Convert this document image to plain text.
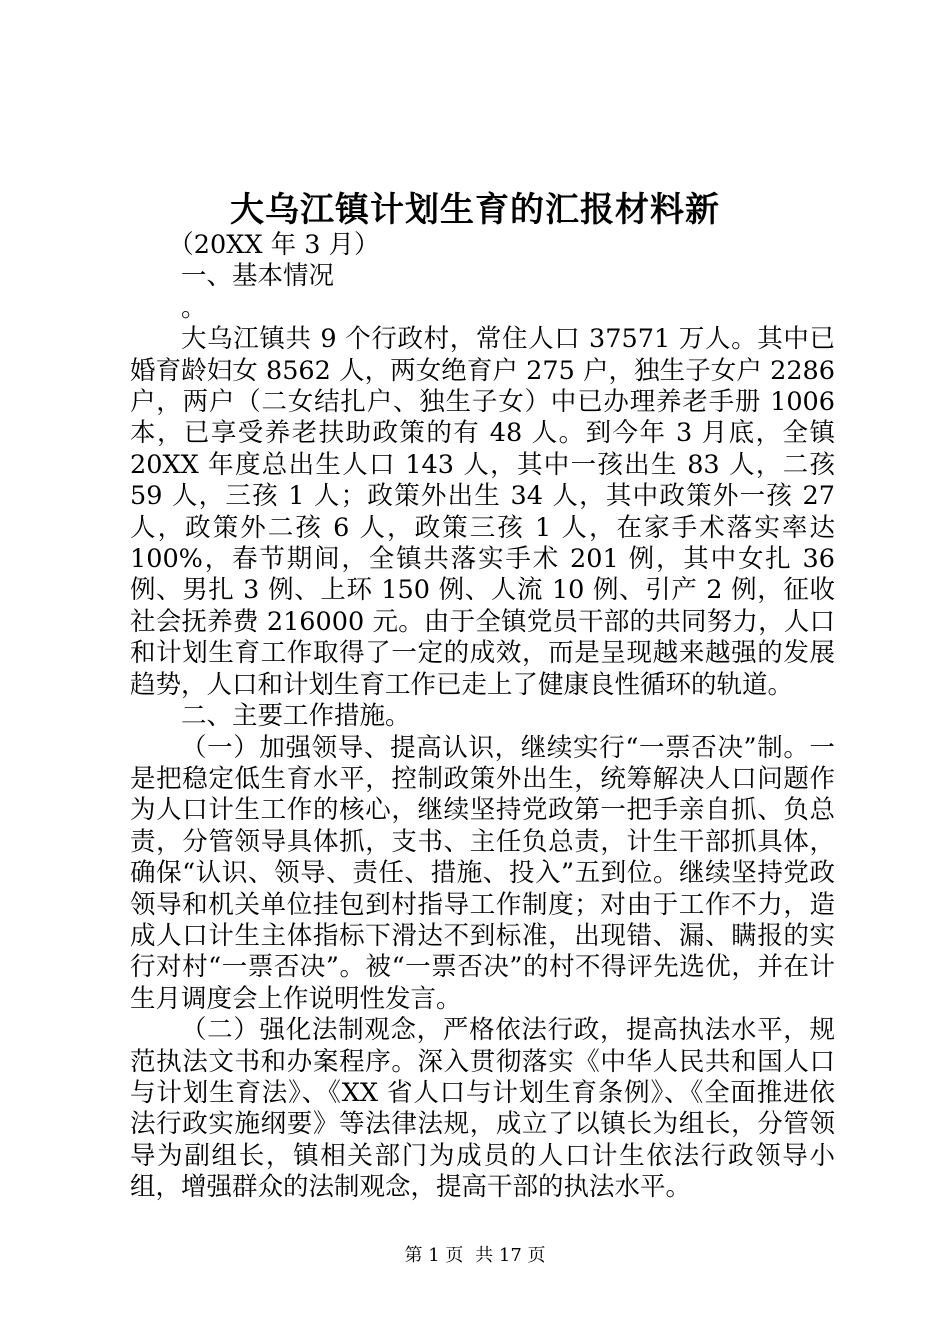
大乌江镇计划生育的汇报材料新

（20XX 年 3 月）

一、基本情况

。

大乌江镇共 9 个行政村，常住人口 37571 万人。其中已婚育龄妇女 8562 人，两女绝育户 275 户，独生子女户 2286 户，两户（二女结扎户、独生子女）中已办理养老手册 1006 本，已享受养老扶助政策的有 48 人。到今年 3 月底，全镇 20XX 年度总出生人口 143 人，其中一孩出生 83 人，二孩 59 人，三孩 1 人；政策外出生 34 人，其中政策外一孩 27 人，政策外二孩 6 人，政策三孩 1 人，在家手术落实率达 100%，春节期间，全镇共落实手术 201 例，其中女扎 36 例、男扎 3 例、上环 150 例、人流 10 例、引产 2 例，征收社会抚养费 216000 元。由于全镇党员干部的共同努力，人口和计划生育工作取得了一定的成效，而是呈现越来越强的发展趋势，人口和计划生育工作已走上了健康良性循环的轨道。

二、主要工作措施。

（一）加强领导、提高认识，继续实行“一票否决”制。一是把稳定低生育水平，控制政策外出生，统筹解决人口问题作为人口计生工作的核心，继续坚持党政第一把手亲自抓、负总责，分管领导具体抓，支书、主任负总责，计生干部抓具体，确保“认识、领导、责任、措施、投入”五到位。继续坚持党政领导和机关单位挂包到村指导工作制度；对由于工作不力，造成人口计生主体指标下滑达不到标准，出现错、漏、瞒报的实行对村“一票否决”。被“一票否决”的村不得评先选优，并在计生月调度会上作说明性发言。

（二）强化法制观念，严格依法行政，提高执法水平，规范执法文书和办案程序。深入贯彻落实《中华人民共和国人口与计划生育法》、《XX 省人口与计划生育条例》、《全面推进依法行政实施纲要》等法律法规，成立了以镇长为组长，分管领导为副组长，镇相关部门为成员的人口计生依法行政领导小组，增强群众的法制观念，提高干部的执法水平。

第 1 页 共 17 页
